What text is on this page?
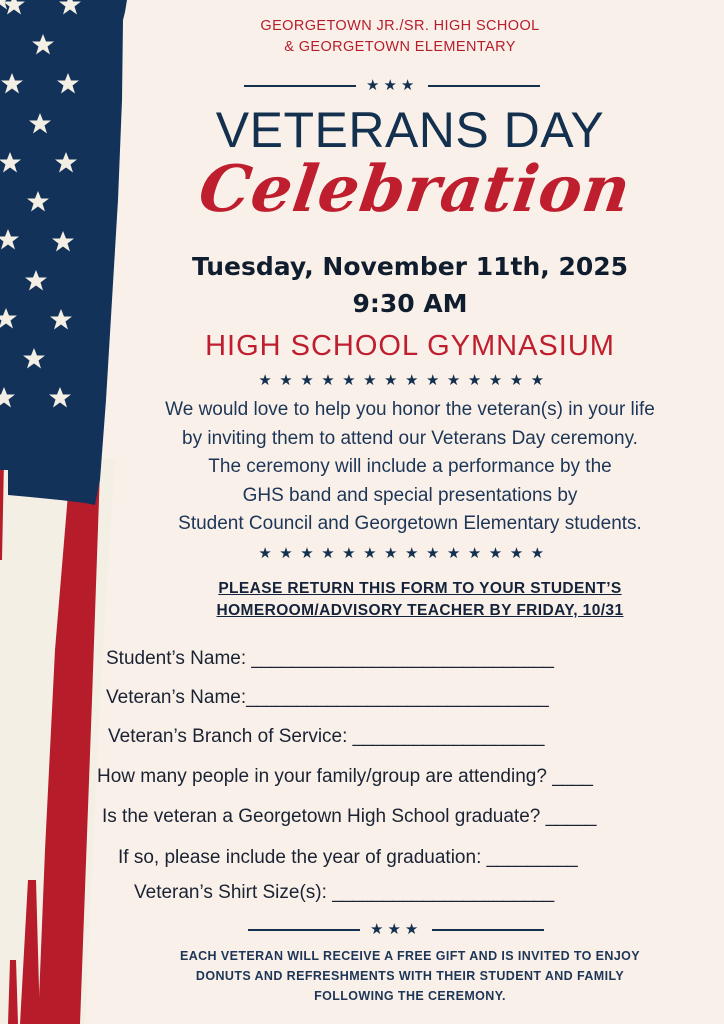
GEORGETOWN JR./SR. HIGH SCHOOL
& GEORGETOWN ELEMENTARY
★★★
VETERANS DAY
Celebration
Tuesday, November 11th, 2025
9:30 AM
HIGH SCHOOL GYMNASIUM
★★★★★★★★★★★★★★
We would love to help you honor the veteran(s) in your life
by inviting them to attend our Veterans Day ceremony.
The ceremony will include a performance by the
GHS band and special presentations by
Student Council and Georgetown Elementary students.
★★★★★★★★★★★★★★
PLEASE RETURN THIS FORM TO YOUR STUDENT’S
HOMEROOM/ADVISORY TEACHER BY FRIDAY, 10/31
Student’s Name: ______________________________
Veteran’s Name:______________________________
Veteran’s Branch of Service: ___________________
How many people in your family/group are attending? ____
Is the veteran a Georgetown High School graduate? _____
If so, please include the year of graduation: _________
Veteran’s Shirt Size(s): ______________________
★★★
EACH VETERAN WILL RECEIVE A FREE GIFT AND IS INVITED TO ENJOY
DONUTS AND REFRESHMENTS WITH THEIR STUDENT AND FAMILY
FOLLOWING THE CEREMONY.
